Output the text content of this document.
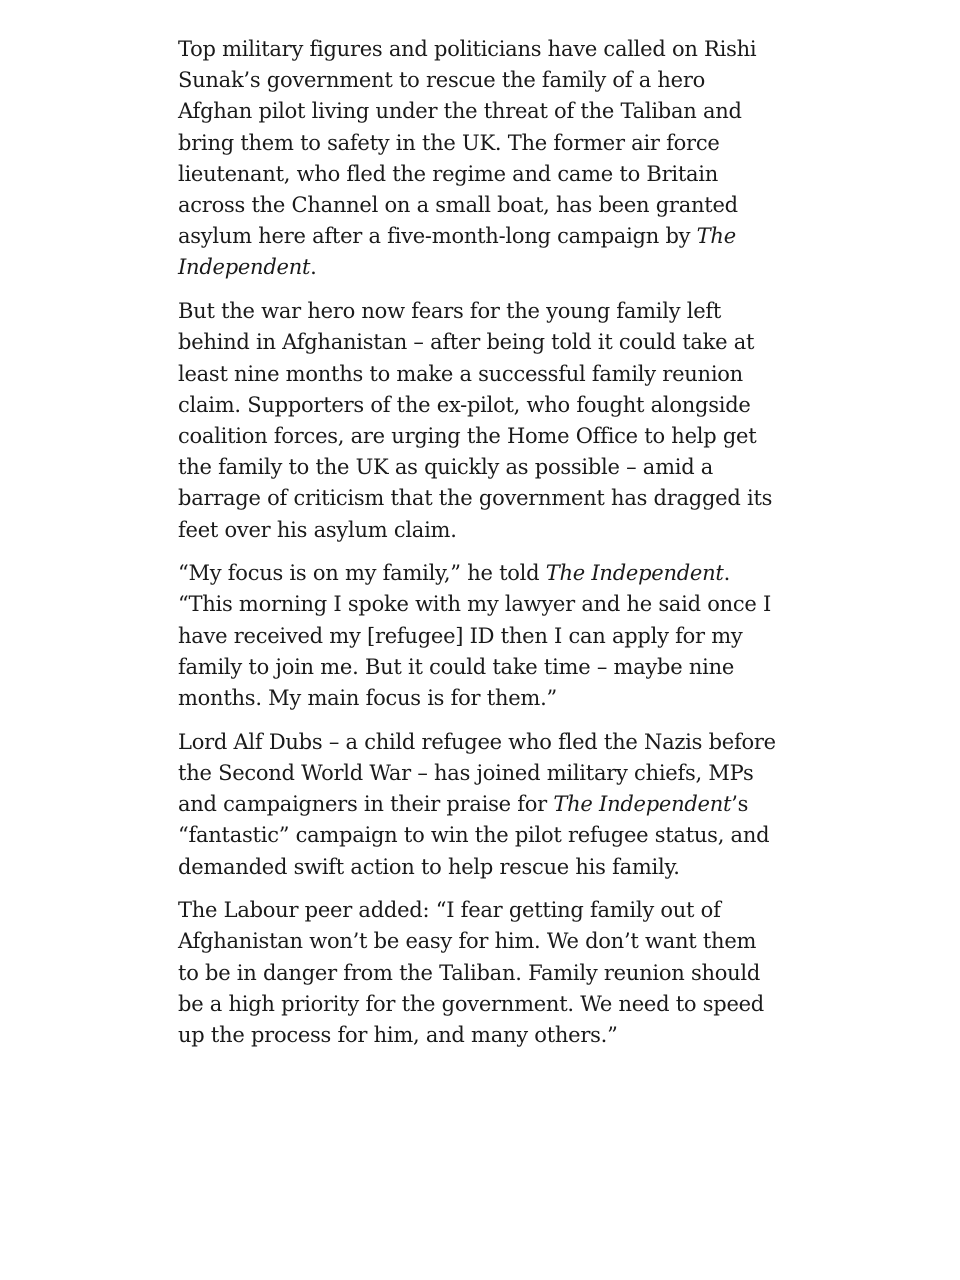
Top military figures and politicians have called on Rishi Sunak’s government to rescue the family of a hero Afghan pilot living under the threat of the Taliban and bring them to safety in the UK. The former air force lieutenant, who fled the regime and came to Britain across the Channel on a small boat, has been granted asylum here after a five-month-long campaign by The Independent.

But the war hero now fears for the young family left behind in Afghanistan – after being told it could take at least nine months to make a successful family reunion claim. Supporters of the ex-pilot, who fought alongside coalition forces, are urging the Home Office to help get the family to the UK as quickly as possible – amid a barrage of criticism that the government has dragged its feet over his asylum claim.

“My focus is on my family,” he told The Independent. “This morning I spoke with my lawyer and he said once I have received my [refugee] ID then I can apply for my family to join me. But it could take time – maybe nine months. My main focus is for them.”

Lord Alf Dubs – a child refugee who fled the Nazis before the Second World War – has joined military chiefs, MPs and campaigners in their praise for The Independent’s “fantastic” campaign to win the pilot refugee status, and demanded swift action to help rescue his family.

The Labour peer added: “I fear getting family out of Afghanistan won’t be easy for him. We don’t want them to be in danger from the Taliban. Family reunion should be a high priority for the government. We need to speed up the process for him, and many others.”
